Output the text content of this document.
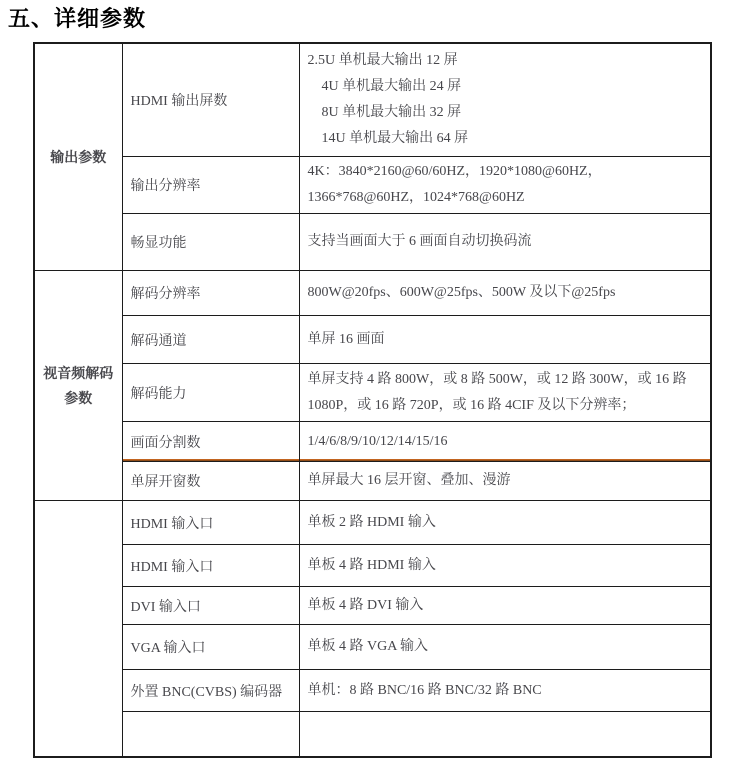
五、详细参数
输出参数	HDMI 输出屏数	2.5U 单机最大输出 12 屏
4U 单机最大输出 24 屏
8U 单机最大输出 32 屏
14U 单机最大输出 64 屏

	输出分辨率	4K：3840*2160@60/60HZ，1920*1080@60HZ，1366*768@60HZ，1024*768@60HZ
	畅显功能	支持当画面大于 6 画面自动切换码流
视音频解码参数	解码分辨率	800W@20fps、600W@25fps、500W 及以下@25fps
	解码通道	单屏 16 画面
	解码能力	单屏支持 4 路 800W，或 8 路 500W，或 12 路 300W，或 16 路 1080P，或 16 路 720P，或 16 路 4CIF 及以下分辨率；
	画面分割数	1/4/6/8/9/10/12/14/15/16
	单屏开窗数	单屏最大 16 层开窗、叠加、漫游
	HDMI 输入口	单板 2 路 HDMI 输入
	HDMI 输入口	单板 4 路 HDMI 输入
	DVI 输入口	单板 4 路 DVI 输入
	VGA 输入口	单板 4 路 VGA 输入
	外置 BNC(CVBS) 编码器	单机：8 路 BNC/16 路 BNC/32 路 BNC
